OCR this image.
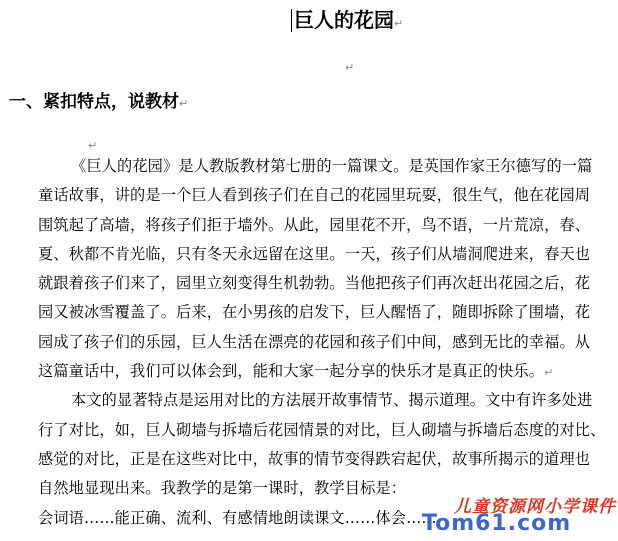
巨人的花园↵
↵
一、紧扣特点，说教材↵
↵
《巨人的花园》是人教版教材第七册的一篇课文。是英国作家王尔德写的一篇
童话故事，讲的是一个巨人看到孩子们在自己的花园里玩耍，很生气，他在花园周
围筑起了高墙，将孩子们拒于墙外。从此，园里花不开，鸟不语，一片荒凉，春、
夏、秋都不肯光临，只有冬天永远留在这里。一天，孩子们从墙洞爬进来，春天也
就跟着孩子们来了，园里立刻变得生机勃勃。当他把孩子们再次赶出花园之后，花
园又被冰雪覆盖了。后来，在小男孩的启发下，巨人醒悟了，随即拆除了围墙，花
园成了孩子们的乐园，巨人生活在漂亮的花园和孩子们中间，感到无比的幸福。从
这篇童话中，我们可以体会到，能和大家一起分享的快乐才是真正的快乐。↵
本文的显著特点是运用对比的方法展开故事情节、揭示道理。文中有许多处进
行了对比，如，巨人砌墙与拆墙后花园情景的对比，巨人砌墙与拆墙后态度的对比、
感觉的对比，正是在这些对比中，故事的情节变得跌宕起伏，故事所揭示的道理也
自然地显现出来。我教学的是第一课时，教学目标是：
会词语……能正确、流利、有感情地朗读课文……体会……
儿童资源网小学课件
Tom61.com
